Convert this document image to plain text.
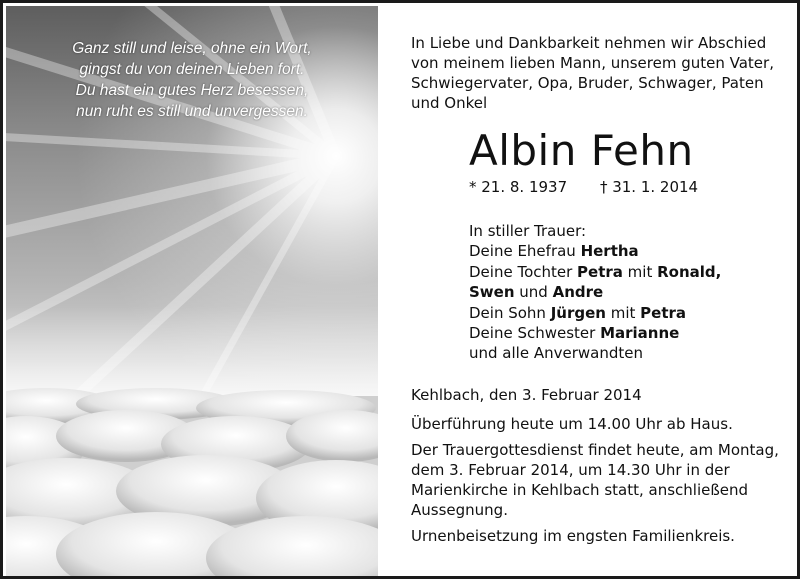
Ganz still und leise, ohne ein Wort,
gingst du von deinen Lieben fort.
Du hast ein gutes Herz besessen,
nun ruht es still und unvergessen.
In Liebe und Dankbarkeit nehmen wir Abschied
von meinem lieben Mann, unserem guten Vater,
Schwiegervater, Opa, Bruder, Schwager, Paten
und Onkel
Albin Fehn
* 21. 8. 1937 † 31. 1. 2014
In stiller Trauer:
Deine Ehefrau Hertha
Deine Tochter Petra mit Ronald,
Swen und Andre
Dein Sohn Jürgen mit Petra
Deine Schwester Marianne
und alle Anverwandten
Kehlbach, den 3. Februar 2014

Überführung heute um 14.00 Uhr ab Haus.

Der Trauergottesdienst findet heute, am Montag,

dem 3. Februar 2014, um 14.30 Uhr in der

Marienkirche in Kehlbach statt, anschließend

Aussegnung.

Urnenbeisetzung im engsten Familienkreis.
